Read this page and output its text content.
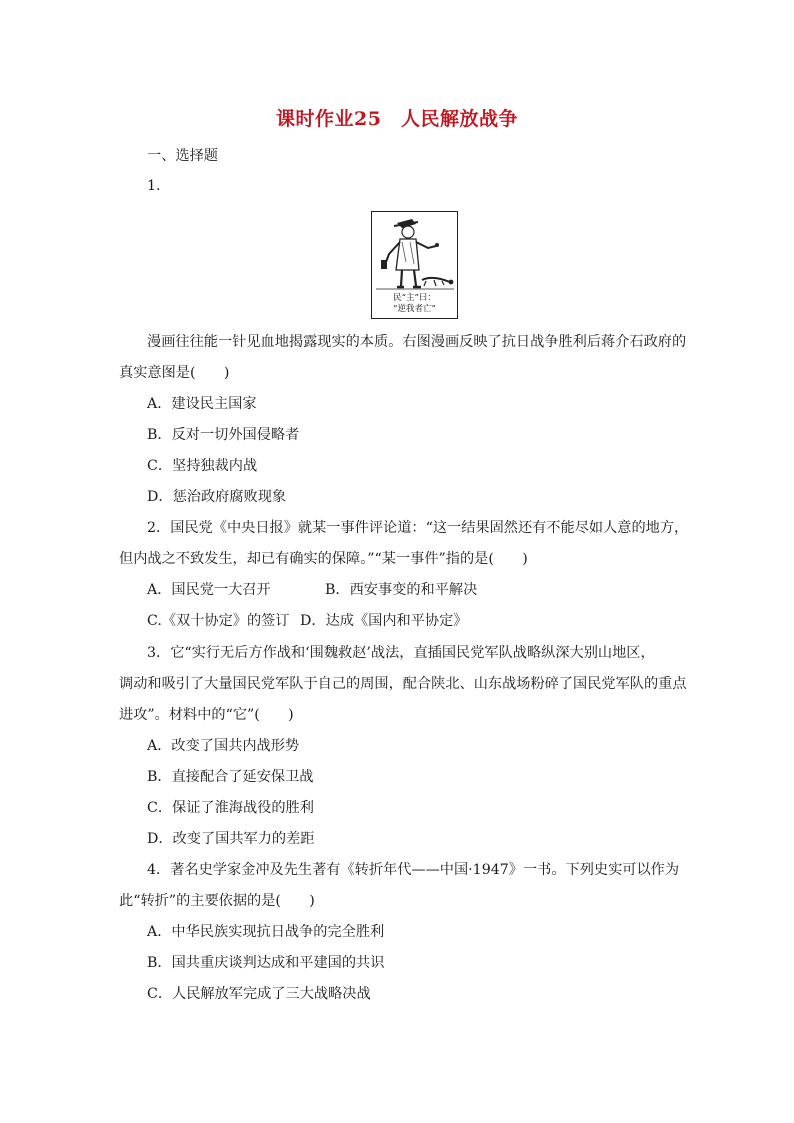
课时作业25　人民解放战争
一、选择题
1.
民“主”曰：
“逆我者亡”
漫画往往能一针见血地揭露现实的本质。右图漫画反映了抗日战争胜利后蒋介石政府的
真实意图是(　　)
A．建设民主国家
B．反对一切外国侵略者
C．坚持独裁内战
D．惩治政府腐败现象
2．国民党《中央日报》就某一事件评论道：“这一结果固然还有不能尽如人意的地方，
但内战之不致发生，却已有确实的保障。”“某一事件”指的是(　　)
A．国民党一大召开	B．西安事变的和平解决
C.《双十协定》的签订 D．达成《国内和平协定》
3．它“实行无后方作战和‘围魏救赵’战法，直插国民党军队战略纵深大别山地区，
调动和吸引了大量国民党军队于自己的周围，配合陕北、山东战场粉碎了国民党军队的重点
进攻”。材料中的“它”(　　)
A．改变了国共内战形势
B．直接配合了延安保卫战
C．保证了淮海战役的胜利
D．改变了国共军力的差距
4．著名史学家金冲及先生著有《转折年代——中国·1947》一书。下列史实可以作为
此“转折”的主要依据的是(　　)
A．中华民族实现抗日战争的完全胜利
B．国共重庆谈判达成和平建国的共识
C．人民解放军完成了三大战略决战
